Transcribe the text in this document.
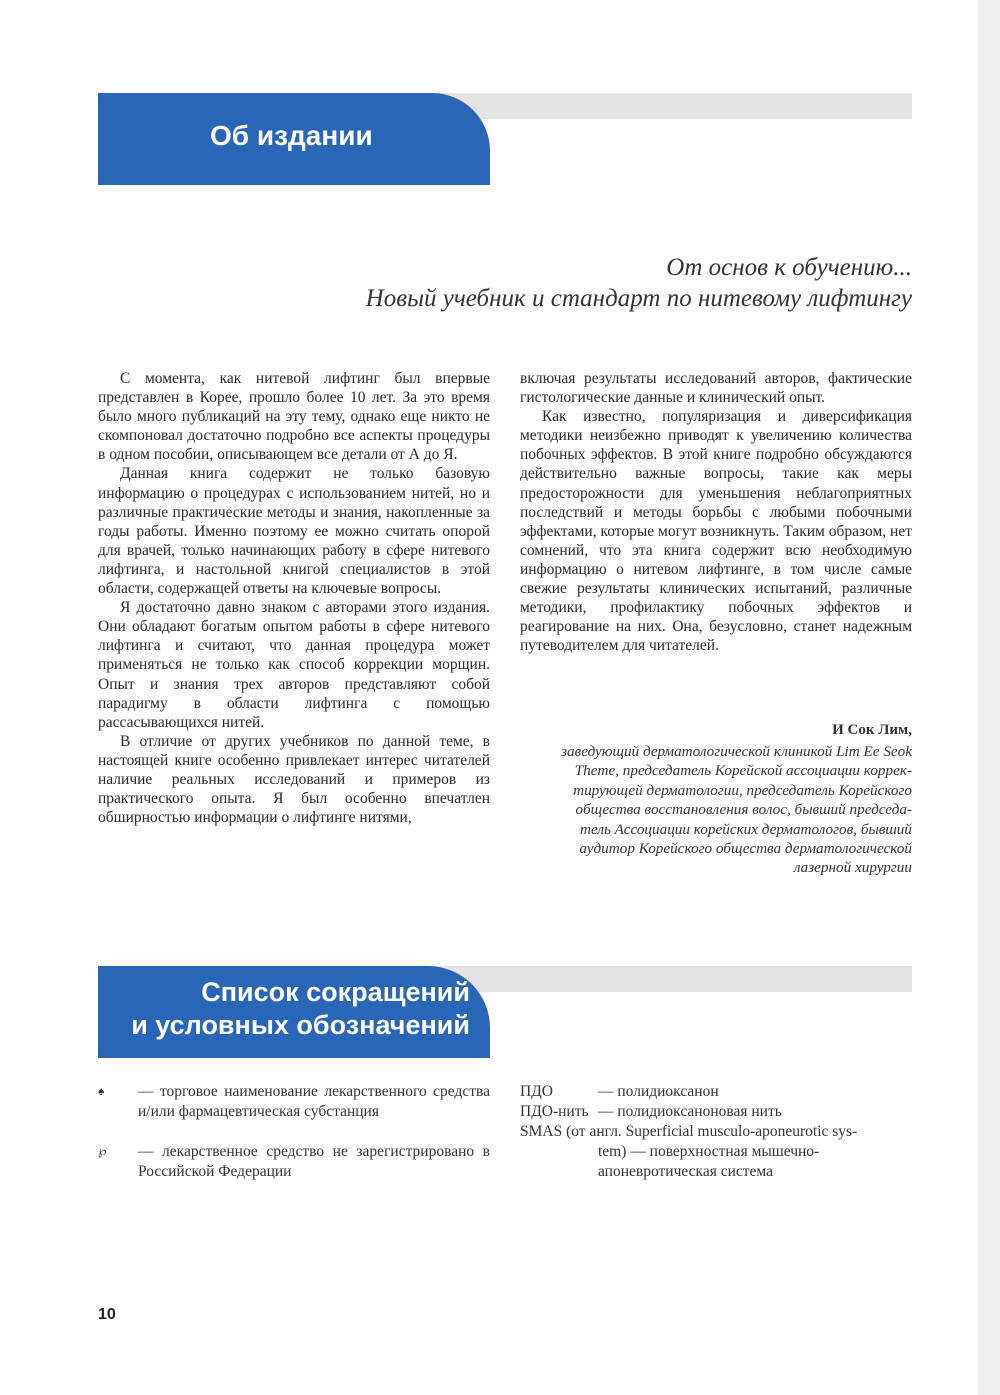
Об издании
От основ к обучению...
Новый учебник и стандарт по нитевому лифтингу

С момента, как нитевой лифтинг был впервые представлен в Корее, прошло более 10 лет. За это время было много публикаций на эту тему, однако еще никто не скомпоновал достаточно подробно все аспекты процедуры в одном пособии, описывающем все детали от А до Я.

Данная книга содержит не только базовую информацию о процедурах с использованием нитей, но и различные практические методы и знания, накопленные за годы работы. Именно поэтому ее можно считать опорой для врачей, только начинающих работу в сфере нитевого лифтинга, и настольной книгой специалистов в этой области, содержащей ответы на ключевые вопросы.

Я достаточно давно знаком с авторами этого издания. Они обладают богатым опытом работы в сфере нитевого лифтинга и считают, что данная процедура может применяться не только как способ коррекции морщин. Опыт и знания трех авторов представляют собой парадигму в области лифтинга с помощью рассасывающихся нитей.

В отличие от других учебников по данной теме, в настоящей книге особенно привлекает интерес читателей наличие реальных исследований и примеров из практического опыта. Я был особенно впечатлен обширностью информации о лифтинге нитями,

включая результаты исследований авторов, фактические гистологические данные и клинический опыт.

Как известно, популяризация и диверсификация методики неизбежно приводят к увеличению количества побочных эффектов. В этой книге подробно обсуждаются действительно важные вопросы, такие как меры предосторожности для уменьшения неблагоприятных последствий и методы борьбы с любыми побочными эффектами, которые могут возникнуть. Таким образом, нет сомнений, что эта книга содержит всю необходимую информацию о нитевом лифтинге, в том числе самые свежие результаты клинических испытаний, различные методики, профилактику побочных эффектов и реагирование на них. Она, безусловно, станет надежным путеводителем для читателей.

И Сок Лим,
заведующий дерматологической клиникой Lim Ee Seok
Theme, председатель Корейской ассоциации коррек-
тирующей дерматологии, председатель Корейского
общества восстановления волос, бывший председа-
тель Ассоциации корейских дерматологов, бывший
аудитор Корейского общества дерматологической
лазерной хирургии
Список сокращений
и условных обозначений
♠	— торговое наименование лекарственного средства и/или фармацевтическая субстанция
℘	— лекарственное средство не зарегистрировано в Российской Федерации
ПДО	— полидиоксанон
ПДО-нить — полидиоксаноновая нить
SMAS (от англ. Superficial musculo-aponeurotic sys-
tem) — поверхностная мышечно-апоневротическая система
10
